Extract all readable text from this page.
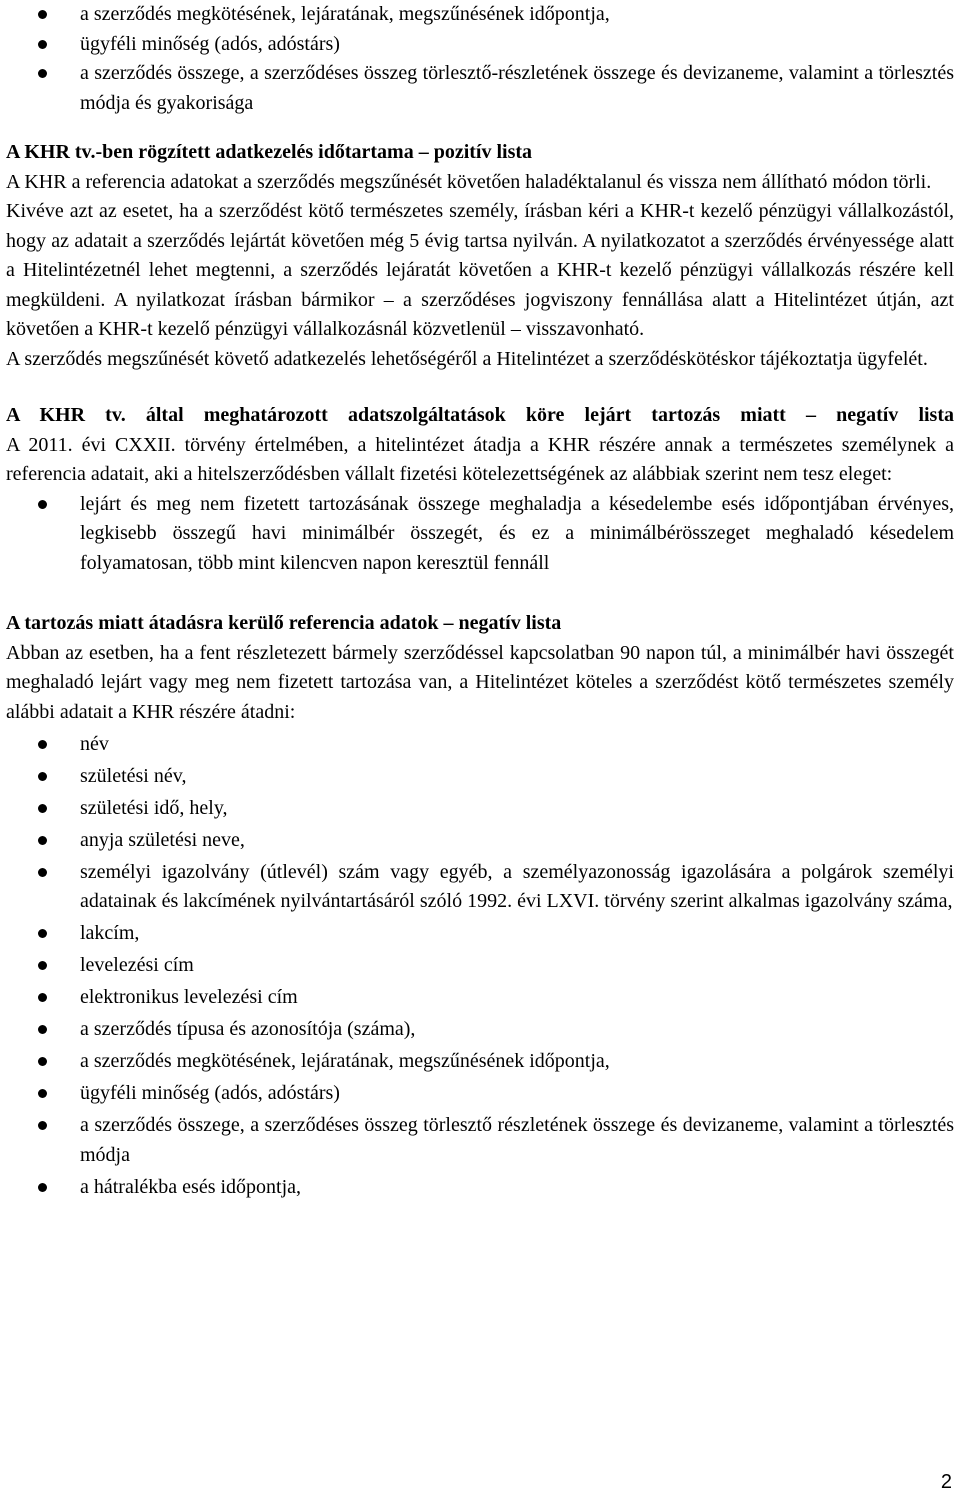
a szerződés megkötésének, lejáratának, megszűnésének időpontja,
ügyféli minőség (adós, adóstárs)
a szerződés összege, a szerződéses összeg törlesztő-részletének összege és devizaneme, valamint a törlesztés módja és gyakorisága

A KHR tv.-ben rögzített adatkezelés időtartama – pozitív lista

A KHR a referencia adatokat a szerződés megszűnését követően haladéktalanul és vissza nem állítható módon törli.

Kivéve azt az esetet, ha a szerződést kötő természetes személy, írásban kéri a KHR-t kezelő pénzügyi vállalkozástól, hogy az adatait a szerződés lejártát követően még 5 évig tartsa nyilván. A nyilatkozatot a szerződés érvényessége alatt a Hitelintézetnél lehet megtenni, a szerződés lejáratát követően a KHR-t kezelő pénzügyi vállalkozás részére kell megküldeni. A nyilatkozat írásban bármikor – a szerződéses jogviszony fennállása alatt a Hitelintézet útján, azt követően a KHR-t kezelő pénzügyi vállalkozásnál közvetlenül – visszavonható.

A szerződés megszűnését követő adatkezelés lehetőségéről a Hitelintézet a szerződéskötéskor tájékoztatja ügyfelét.

A KHR tv. által meghatározott adatszolgáltatások köre lejárt tartozás miatt – negatív lista

A 2011. évi CXXII. törvény értelmében, a hitelintézet átadja a KHR részére annak a természetes személynek a referencia adatait, aki a hitelszerződésben vállalt fizetési kötelezettségének az alábbiak szerint nem tesz eleget:

lejárt és meg nem fizetett tartozásának összege meghaladja a késedelembe esés időpontjában érvényes, legkisebb összegű havi minimálbér összegét, és ez a minimálbérösszeget meghaladó késedelem folyamatosan, több mint kilencven napon keresztül fennáll

A tartozás miatt átadásra kerülő referencia adatok – negatív lista

Abban az esetben, ha a fent részletezett bármely szerződéssel kapcsolatban 90 napon túl, a minimálbér havi összegét meghaladó lejárt vagy meg nem fizetett tartozása van, a Hitelintézet köteles a szerződést kötő természetes személy alábbi adatait a KHR részére átadni:

név
születési név,
születési idő, hely,
anyja születési neve,
személyi igazolvány (útlevél) szám vagy egyéb, a személyazonosság igazolására a polgárok személyi adatainak és lakcímének nyilvántartásáról szóló 1992. évi LXVI. törvény szerint alkalmas igazolvány száma,
lakcím,
levelezési cím
elektronikus levelezési cím
a szerződés típusa és azonosítója (száma),
a szerződés megkötésének, lejáratának, megszűnésének időpontja,
ügyféli minőség (adós, adóstárs)
a szerződés összege, a szerződéses összeg törlesztő részletének összege és devizaneme, valamint a törlesztés módja
a hátralékba esés időpontja,
2
